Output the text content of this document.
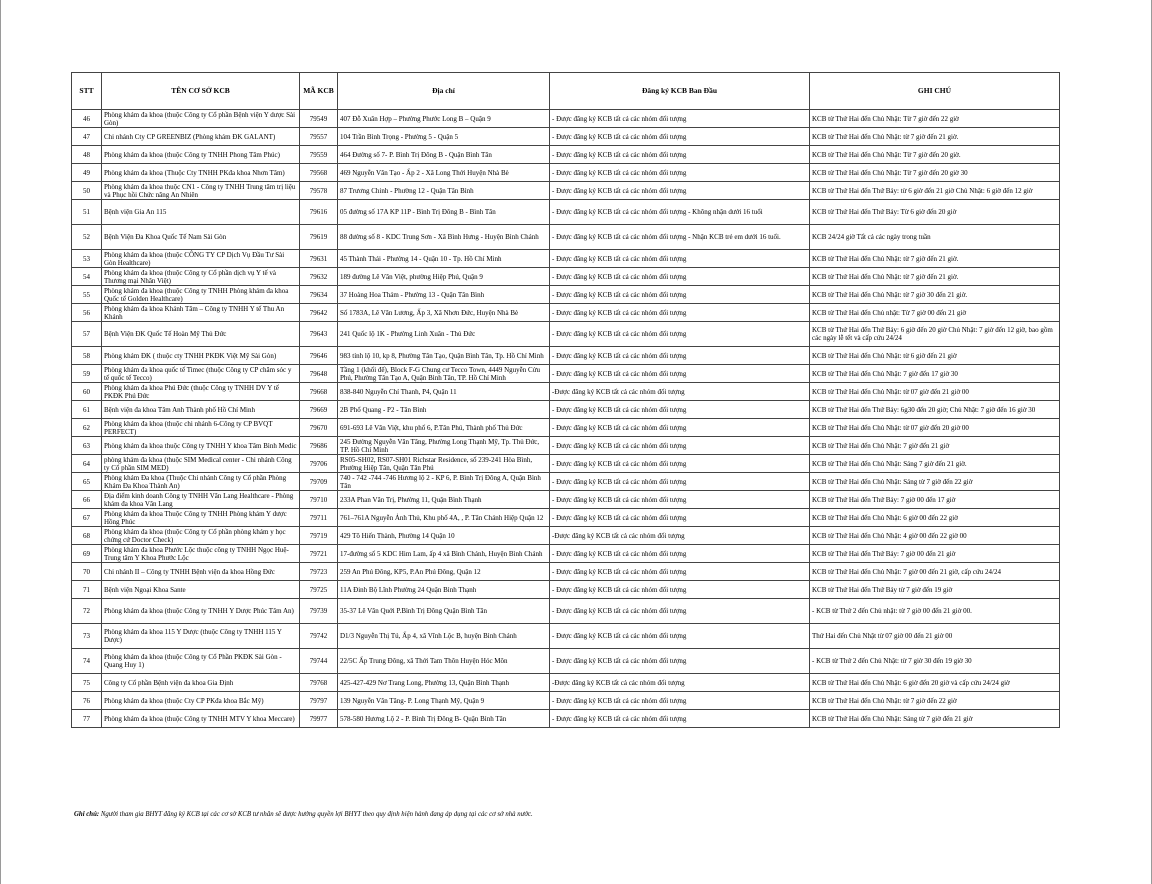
STT	TÊN CƠ SỞ KCB	MÃ KCB	Địa chỉ	Đăng ký KCB Ban Đầu	GHI CHÚ
46	Phòng khám đa khoa (thuộc Công ty Cổ phần Bệnh viện Y dược Sài Gòn)	79549	407 Đỗ Xuân Hợp – Phường Phước Long B – Quận 9	- Được đăng ký KCB tất cả các nhóm đối tượng	KCB từ Thứ Hai đến Chủ Nhật: Từ 7 giờ đến 22 giờ
47	Chi nhánh Cty CP GREENBIZ (Phòng khám ĐK GALANT)	79557	104 Trần Bình Trọng - Phường 5 - Quận 5	- Được đăng ký KCB tất cả các nhóm đối tượng	KCB từ Thứ Hai đến Chủ Nhật: từ 7 giờ đến 21 giờ.
48	Phòng khám đa khoa (thuộc Công ty TNHH Phong Tâm Phúc)	79559	464 Đường số 7- P. Bình Trị Đông B - Quận Bình Tân	- Được đăng ký KCB tất cả các nhóm đối tượng	KCB từ Thứ Hai đến Chủ Nhật: Từ 7 giờ đến 20 giờ.
49	Phòng khám đa khoa (Thuộc Cty TNHH PKđa khoa Nhơn Tâm)	79568	469 Nguyễn Văn Tạo - Ấp 2 - Xã Long Thới Huyện Nhà Bè	- Được đăng ký KCB tất cả các nhóm đối tượng	KCB từ Thứ Hai đến Chủ Nhật: Từ 7 giờ đến 20 giờ 30
50	Phòng khám đa khoa thuộc CN1 - Công ty TNHH Trung tâm trị liệu và Phục hồi Chức năng An Nhiên	79578	87 Trương Chinh - Phường 12 - Quận Tân Bình	- Được đăng ký KCB tất cả các nhóm đối tượng	KCB từ Thứ Hai đến Thứ Bảy: từ 6 giờ đến 21 giờ Chủ Nhật: 6 giờ đến 12 giờ
51	Bệnh viện Gia An 115	79616	05 đường số 17A KP 11P - Bình Trị Đông B - Bình Tân	- Được đăng ký KCB tất cả các nhóm đối tượng - Không nhận dưới 16 tuổi	KCB từ Thứ Hai đến Thứ Bảy: Từ 6 giờ đến 20 giờ
52	Bệnh Viện Đa Khoa Quốc Tế Nam Sài Gòn	79619	88 đường số 8 - KDC Trung Sơn - Xã Bình Hưng - Huyện Bình Chánh	- Được đăng ký KCB tất cả các nhóm đối tượng - Nhận KCB trẻ em dưới 16 tuổi.	KCB 24/24 giờ Tất cả các ngày trong tuần
53	Phòng khám đa khoa (thuộc CÔNG TY CP Dịch Vụ Đầu Tư Sài Gòn Healthcare)	79631	45 Thành Thái - Phường 14 - Quận 10 - Tp. Hồ Chí Minh	- Được đăng ký KCB tất cả các nhóm đối tượng	KCB từ Thứ Hai đến Chủ Nhật: từ 7 giờ đến 21 giờ.
54	Phòng khám đa khoa (thuộc Công ty Cổ phần dịch vụ Y tế và Thương mại Nhân Việt)	79632	189 đường Lê Văn Việt, phường Hiệp Phú, Quận 9	- Được đăng ký KCB tất cả các nhóm đối tượng	KCB từ Thứ Hai đến Chủ Nhật: từ 7 giờ đến 21 giờ.
55	Phòng khám đa khoa (thuộc Công ty TNHH Phòng khám đa khoa Quốc tế Golden Healthcare)	79634	37 Hoàng Hoa Thám - Phường 13 - Quận Tân Bình	- Được đăng ký KCB tất cả các nhóm đối tượng	KCB từ Thứ Hai đến Chủ Nhật: từ 7 giờ 30 đến 21 giờ.
56	Phòng khám đa khoa Khánh Tâm – Công ty TNHH Y tế Thu An Khánh	79642	Số 1783A, Lê Văn Lương, Ấp 3, Xã Nhơn Đức, Huyện Nhà Bè	- Được đăng ký KCB tất cả các nhóm đối tượng	KCB từ Thứ Hai đến Chủ nhật: Từ 7 giờ 00 đến 21 giờ
57	Bệnh Viện ĐK Quốc Tế Hoàn Mỹ Thủ Đức	79643	241 Quốc lộ 1K - Phường Linh Xuân - Thủ Đức	- Được đăng ký KCB tất cả các nhóm đối tượng	KCB từ Thứ Hai đến Thứ Bảy: 6 giờ đến 20 giờ Chủ Nhật: 7 giờ đến 12 giờ, bao gồm các ngày lễ tết và cấp cứu 24/24
58	Phòng khám ĐK ( thuộc cty TNHH PKĐK Việt Mỹ Sài Gòn)	79646	983 tỉnh lộ 10, kp 8, Phường Tân Tạo, Quận Bình Tân, Tp. Hồ Chí Minh	- Được đăng ký KCB tất cả các nhóm đối tượng	KCB từ Thứ Hai đến Chủ Nhật: từ 6 giờ đến 21 giờ
59	Phòng khám đa khoa quốc tế Timec (thuộc Công ty CP chăm sóc y tế quốc tế Tecco)	79648	Tầng 1 (khối đế), Block F-G Chung cư Tecco Town, 4449 Nguyễn Cửu Phú, Phường Tân Tạo A, Quận Bình Tân, TP. Hồ Chí Minh	- Được đăng ký KCB tất cả các nhóm đối tượng	KCB từ Thứ Hai đến Chủ Nhật: 7 giờ đến 17 giờ 30
60	Phòng khám đa khoa Phú Đức (thuộc Công ty TNHH DV Y tế PKĐK Phú Đức	79668	838-840 Nguyễn Chí Thanh, P4, Quận 11	-Được đăng ký KCB tất cả các nhóm đối tượng	KCB từ Thứ Hai đến Chủ Nhật: từ 07 giờ đến 21 giờ 00
61	Bệnh viện đa khoa Tâm Anh Thành phố Hồ Chí Minh	79669	2B Phổ Quang - P2 - Tân Bình	- Được đăng ký KCB tất cả các nhóm đối tượng	KCB từ Thứ Hai đến Thứ Bảy: 6g30 đến 20 giờ; Chủ Nhật: 7 giờ đến 16 giờ 30
62	Phòng khám đa khoa (thuộc chi nhánh 6-Công ty CP BVQT PERFECT)	79670	691-693 Lê Văn Việt, khu phố 6, P.Tân Phú, Thành phố Thủ Đức	- Được đăng ký KCB tất cả các nhóm đối tượng	KCB từ Thứ Hai đến Chủ Nhật: từ 07 giờ đến 20 giờ 00
63	Phòng khám đa khoa thuộc Công ty TNHH Y khoa Tâm Bình Medic	79686	245 Đường Nguyễn Văn Tăng, Phường Long Thạnh Mỹ, Tp. Thủ Đức, TP. Hồ Chí Minh	- Được đăng ký KCB tất cả các nhóm đối tượng	KCB từ Thứ Hai đến Chủ Nhật: 7 giờ đến 21 giờ
64	phòng khám đa khoa (thuộc SIM Medical center - Chi nhánh Công ty Cổ phần SIM MED)	79706	RS05-SH02, RS07-SH01 Richstar Residence, số 239-241 Hòa Bình, Phường Hiệp Tân, Quận Tân Phú	- Được đăng ký KCB tất cả các nhóm đối tượng	KCB từ Thứ Hai đến Chủ Nhật: Sáng 7 giờ đến 21 giờ.
65	Phòng khám Đa khoa (Thuộc Chi nhánh Công ty Cổ phần Phòng Khám Đa Khoa Thành An)	79709	740 - 742 -744 -746 Hương lộ 2 - KP 6, P. Bình Trị Đông A, Quận Bình Tân	- Được đăng ký KCB tất cả các nhóm đối tượng	KCB từ Thứ Hai đến Chủ Nhật: Sáng từ 7 giờ đến 22 giờ
66	Địa điểm kinh doanh Công ty TNHH Văn Lang Healthcare - Phòng khám đa khoa Văn Lang	79710	233A Phan Văn Trị, Phường 11, Quận Bình Thạnh	- Được đăng ký KCB tất cả các nhóm đối tượng	KCB từ Thứ Hai đến Thứ Bảy: 7 giờ 00 đến 17 giờ
67	Phòng khám đa khoa Thuộc Công ty TNHH Phòng khám Y dược Hồng Phúc	79711	761–761A Nguyễn Ảnh Thủ, Khu phố 4A, , P. Tân Chánh Hiệp Quận 12	- Được đăng ký KCB tất cả các nhóm đối tượng	KCB từ Thứ Hai đến Chủ Nhật: 6 giờ 00 đến 22 giờ
68	Phòng khám đa khoa (thuộc Công ty Cổ phần phòng khám y học chứng cứ Doctor Check)	79719	429 Tô Hiến Thành, Phường 14 Quận 10	-Được đăng ký KCB tất cả các nhóm đối tượng	KCB từ Thứ Hai đến Chủ Nhật: 4 giờ 00 đến 22 giờ 00
69	Phòng khám đa khoa Phước Lộc thuộc công ty TNHH Ngọc Huệ-Trung tâm Y Khoa Phước Lộc	79721	17-đường số 5 KDC Him Lam, ấp 4 xã Bình Chánh, Huyện Bình Chánh	- Được đăng ký KCB tất cả các nhóm đối tượng	KCB từ Thứ Hai đến Thứ Bảy: 7 giờ 00 đến 21 giờ
70	Chi nhánh II – Công ty TNHH Bệnh viện đa khoa Hồng Đức	79723	259 An Phú Đông, KP5, P.An Phú Đông, Quận 12	- Được đăng ký KCB tất cả các nhóm đối tượng	KCB từ Thứ Hai đến Chủ Nhật: 7 giờ 00 đến 21 giờ, cấp cứu 24/24
71	Bệnh viện Ngoại Khoa Sante	79725	11A Đinh Bộ Lĩnh Phường 24 Quận Bình Thạnh	- Được đăng ký KCB tất cả các nhóm đối tượng	KCB từ Thứ Hai đến Thứ Bảy từ 7 giờ đến 19 giờ
72	Phòng khám đa khoa (thuộc Công ty TNHH Y Dược Phúc Tâm An)	79739	35-37 Lê Văn Quới P.Bình Trị Đông Quận Bình Tân	- Được đăng ký KCB tất cả các nhóm đối tượng	- KCB từ Thứ 2 đến Chủ nhật: từ 7 giờ 00 đến 21 giờ 00.
73	Phòng khám đa khoa 115 Y Dược (thuộc Công ty TNHH 115 Y Dược)	79742	D1/3 Nguyễn Thị Tú, Ấp 4, xã Vĩnh Lộc B, huyện Bình Chánh	- Được đăng ký KCB tất cả các nhóm đối tượng	Thứ Hai đến Chủ Nhật từ 07 giờ 00 đến 21 giờ 00
74	Phòng khám đa khoa (thuộc Công ty Cổ Phần PKĐK Sài Gòn - Quang Huy 1)	79744	22/5C Ấp Trung Đông, xã Thới Tam Thôn Huyện Hóc Môn	- Được đăng ký KCB tất cả các nhóm đối tượng	- KCB từ Thứ 2 đến Chủ Nhật: từ 7 giờ 30 đến 19 giờ 30
75	Công ty Cổ phần Bệnh viện đa khoa Gia Định	79768	425-427-429 Nơ Trang Long, Phường 13, Quận Bình Thạnh	-Được đăng ký KCB tất cả các nhóm đối tượng	KCB từ Thứ Hai đến Chủ Nhật: 6 giờ đến 20 giờ và cấp cứu 24/24 giờ
76	Phòng khám đa khoa (thuộc Cty CP PKđa khoa Bắc Mỹ)	79797	139 Nguyễn Văn Tăng- P. Long Thạnh Mỹ, Quận 9	- Được đăng ký KCB tất cả các nhóm đối tượng	KCB từ Thứ Hai đến Chủ Nhật: từ 7 giờ đến 22 giờ
77	Phòng khám đa khoa (thuộc Công ty TNHH MTV Y khoa Meccare)	79977	578-580 Hương Lộ 2 - P. Bình Trị Đông B- Quận Bình Tân	- Được đăng ký KCB tất cả các nhóm đối tượng	KCB từ Thứ Hai đến Chủ Nhật: Sáng từ 7 giờ đến 21 giờ
Ghi chú: Người tham gia BHYT đăng ký KCB tại các cơ sở KCB tư nhân sẽ được hưởng quyền lợi BHYT theo quy định hiện hành đang áp dụng tại các cơ sở nhà nước.
